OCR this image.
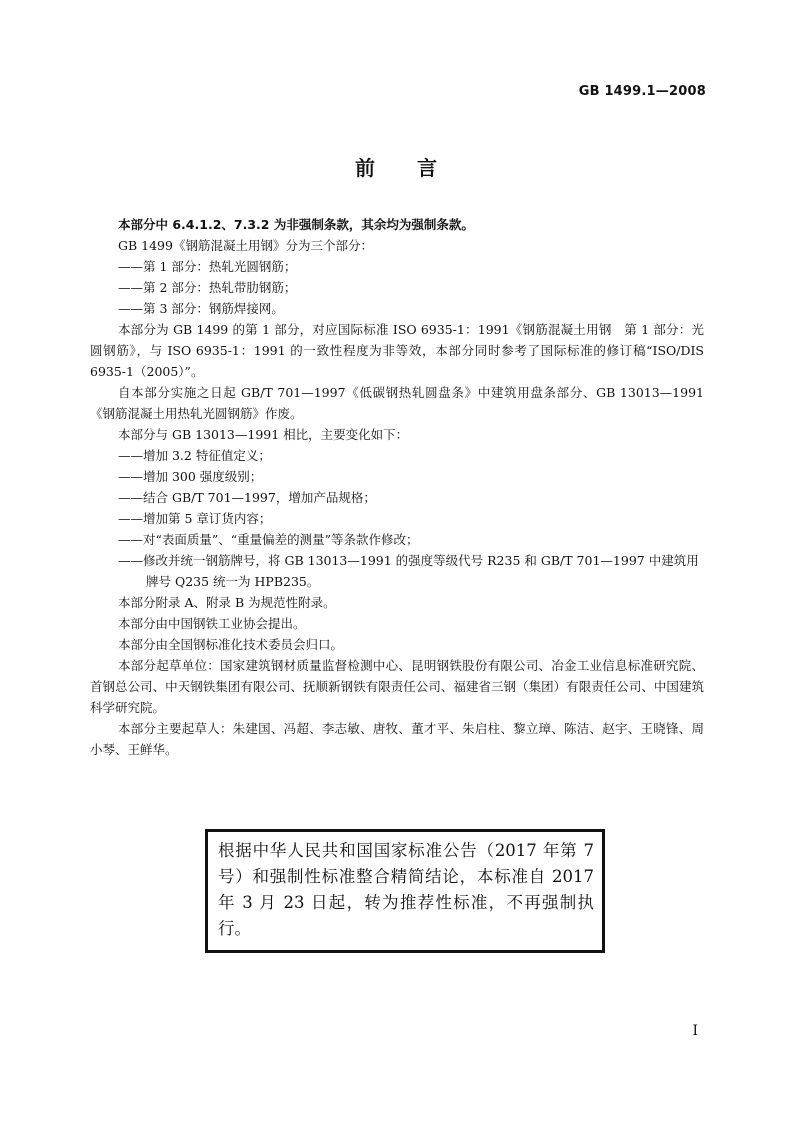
GB 1499.1—2008
前 言

本部分中 6.4.1.2、7.3.2 为非强制条款，其余均为强制条款。

GB 1499《钢筋混凝土用钢》分为三个部分：

——第 1 部分：热轧光圆钢筋；
——第 2 部分：热轧带肋钢筋；
——第 3 部分：钢筋焊接网。

本部分为 GB 1499 的第 1 部分，对应国际标准 ISO 6935-1：1991《钢筋混凝土用钢　第 1 部分：光圆钢筋》，与 ISO 6935-1：1991 的一致性程度为非等效，本部分同时参考了国际标准的修订稿“ISO/DIS 6935-1（2005）”。

自本部分实施之日起 GB/T 701—1997《低碳钢热轧圆盘条》中建筑用盘条部分、GB 13013—1991《钢筋混凝土用热轧光圆钢筋》作废。

本部分与 GB 13013—1991 相比，主要变化如下：

——增加 3.2 特征值定义；
——增加 300 强度级别；
——结合 GB/T 701—1997，增加产品规格；
——增加第 5 章订货内容；
——对“表面质量”、“重量偏差的测量”等条款作修改；
——修改并统一钢筋牌号，将 GB 13013—1991 的强度等级代号 R235 和 GB/T 701—1997 中建筑用牌号 Q235 统一为 HPB235。

本部分附录 A、附录 B 为规范性附录。

本部分由中国钢铁工业协会提出。

本部分由全国钢标准化技术委员会归口。

本部分起草单位：国家建筑钢材质量监督检测中心、昆明钢铁股份有限公司、冶金工业信息标准研究院、首钢总公司、中天钢铁集团有限公司、抚顺新钢铁有限责任公司、福建省三钢（集团）有限责任公司、中国建筑科学研究院。

本部分主要起草人：朱建国、冯超、李志敏、唐牧、董才平、朱启柱、黎立璋、陈洁、赵宇、王晓锋、周小琴、王鲜华。

根据中华人民共和国国家标准公告（2017 年第 7 号）和强制性标准整合精简结论，本标准自 2017 年 3 月 23 日起，转为推荐性标准，不再强制执行。
I
